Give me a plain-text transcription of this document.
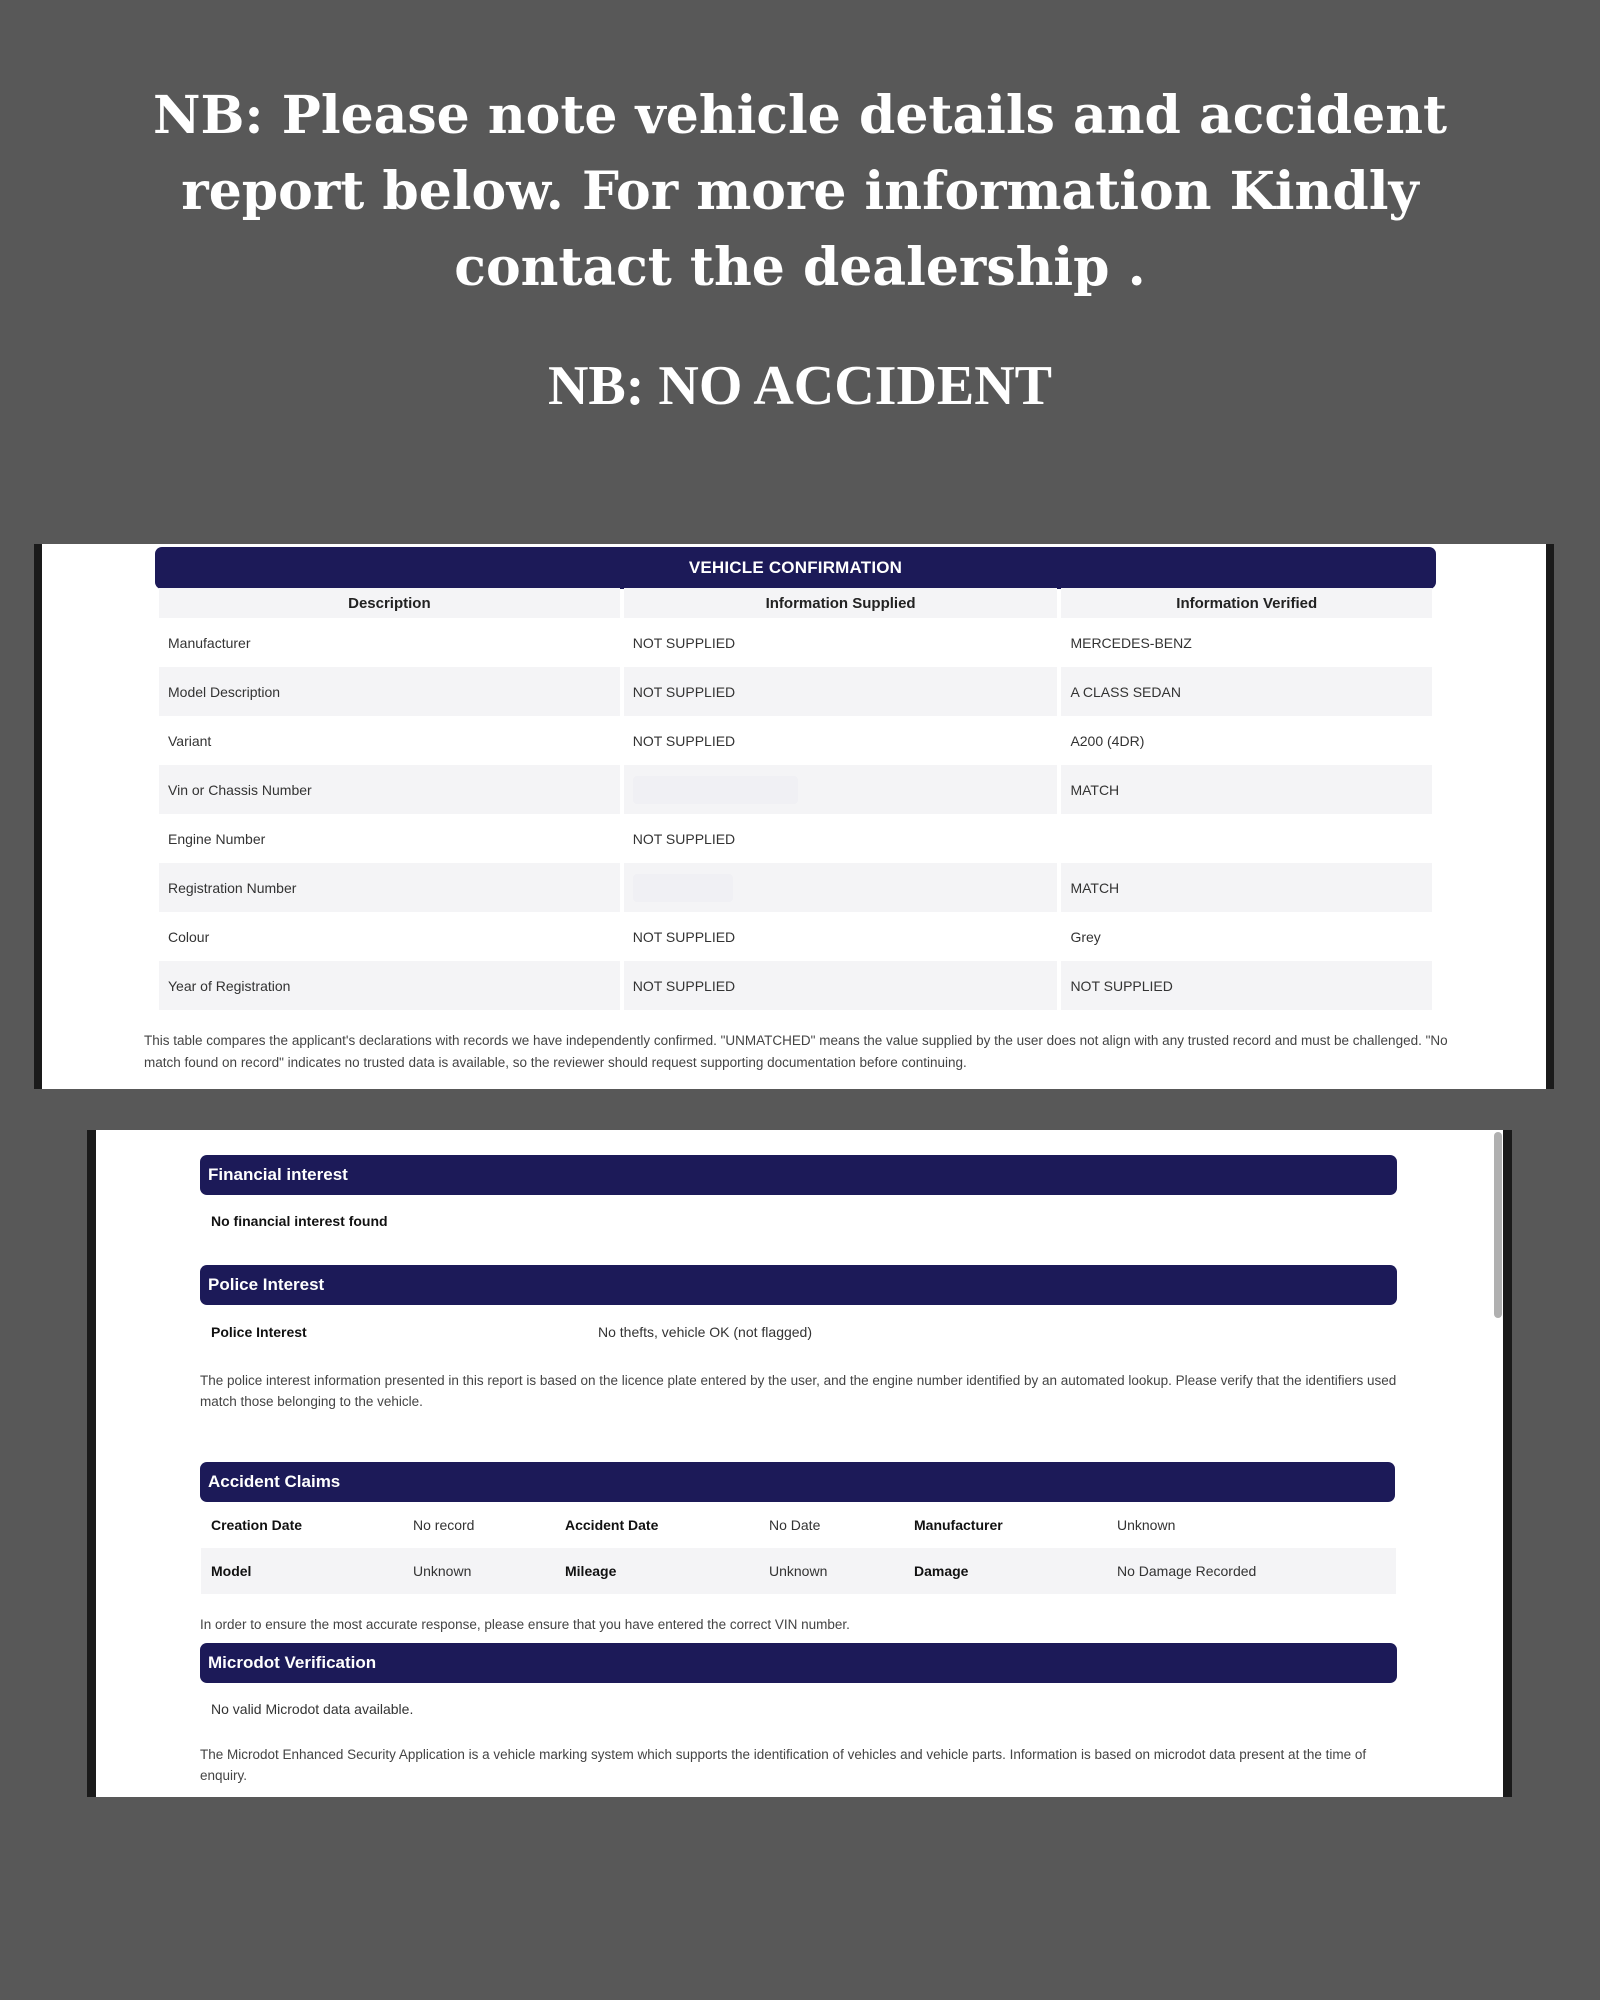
NB: Please note vehicle details and accident report below. For more information Kindly contact the dealership .
NB: NO ACCIDENT
VEHICLE CONFIRMATION
Description	Information Supplied	Information Verified
Manufacturer	NOT SUPPLIED	MERCEDES-BENZ
Model Description	NOT SUPPLIED	A CLASS SEDAN
Variant	NOT SUPPLIED	A200 (4DR)
Vin or Chassis Number		MATCH
Engine Number	NOT SUPPLIED	
Registration Number		MATCH
Colour	NOT SUPPLIED	Grey
Year of Registration	NOT SUPPLIED	NOT SUPPLIED
This table compares the applicant's declarations with records we have independently confirmed. "UNMATCHED" means the value supplied by the user does not align with any trusted record and must be challenged. "No match found on record" indicates no trusted data is available, so the reviewer should request supporting documentation before continuing.
Financial interest
No financial interest found
Police Interest
Police Interest	No thefts, vehicle OK (not flagged)
The police interest information presented in this report is based on the licence plate entered by the user, and the engine number identified by an automated lookup. Please verify that the identifiers used match those belonging to the vehicle.
Accident Claims
Creation Date	No record	Accident Date	No Date	Manufacturer	Unknown
Model	Unknown	Mileage	Unknown	Damage	No Damage Recorded
In order to ensure the most accurate response, please ensure that you have entered the correct VIN number.
Microdot Verification
No valid Microdot data available.
The Microdot Enhanced Security Application is a vehicle marking system which supports the identification of vehicles and vehicle parts. Information is based on microdot data present at the time of enquiry.
